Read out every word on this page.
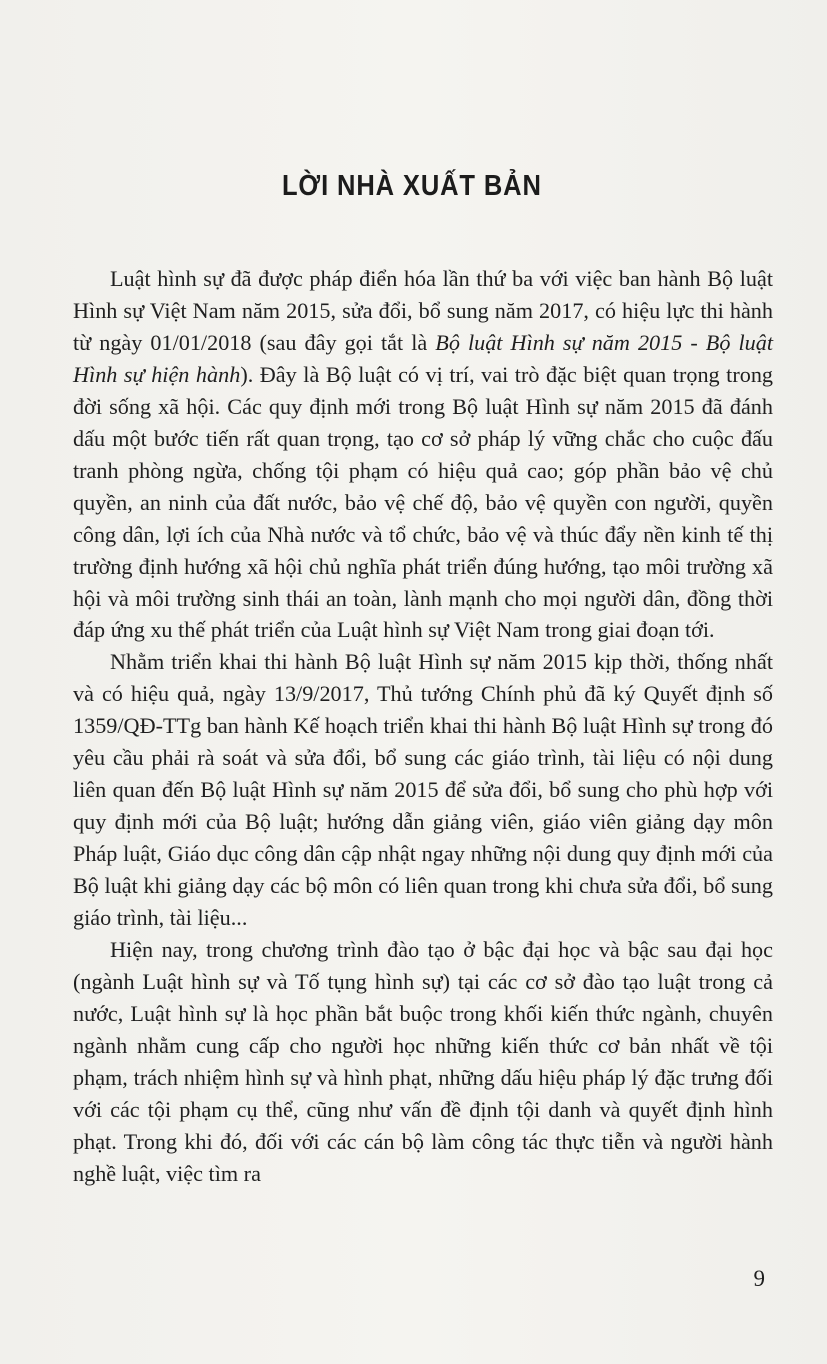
LỜI NHÀ XUẤT BẢN

Luật hình sự đã được pháp điển hóa lần thứ ba với việc ban hành Bộ luật Hình sự Việt Nam năm 2015, sửa đổi, bổ sung năm 2017, có hiệu lực thi hành từ ngày 01/01/2018 (sau đây gọi tắt là Bộ luật Hình sự năm 2015 - Bộ luật Hình sự hiện hành). Đây là Bộ luật có vị trí, vai trò đặc biệt quan trọng trong đời sống xã hội. Các quy định mới trong Bộ luật Hình sự năm 2015 đã đánh dấu một bước tiến rất quan trọng, tạo cơ sở pháp lý vững chắc cho cuộc đấu tranh phòng ngừa, chống tội phạm có hiệu quả cao; góp phần bảo vệ chủ quyền, an ninh của đất nước, bảo vệ chế độ, bảo vệ quyền con người, quyền công dân, lợi ích của Nhà nước và tổ chức, bảo vệ và thúc đẩy nền kinh tế thị trường định hướng xã hội chủ nghĩa phát triển đúng hướng, tạo môi trường xã hội và môi trường sinh thái an toàn, lành mạnh cho mọi người dân, đồng thời đáp ứng xu thế phát triển của Luật hình sự Việt Nam trong giai đoạn tới.

Nhằm triển khai thi hành Bộ luật Hình sự năm 2015 kịp thời, thống nhất và có hiệu quả, ngày 13/9/2017, Thủ tướng Chính phủ đã ký Quyết định số 1359/QĐ-TTg ban hành Kế hoạch triển khai thi hành Bộ luật Hình sự trong đó yêu cầu phải rà soát và sửa đổi, bổ sung các giáo trình, tài liệu có nội dung liên quan đến Bộ luật Hình sự năm 2015 để sửa đổi, bổ sung cho phù hợp với quy định mới của Bộ luật; hướng dẫn giảng viên, giáo viên giảng dạy môn Pháp luật, Giáo dục công dân cập nhật ngay những nội dung quy định mới của Bộ luật khi giảng dạy các bộ môn có liên quan trong khi chưa sửa đổi, bổ sung giáo trình, tài liệu...

Hiện nay, trong chương trình đào tạo ở bậc đại học và bậc sau đại học (ngành Luật hình sự và Tố tụng hình sự) tại các cơ sở đào tạo luật trong cả nước, Luật hình sự là học phần bắt buộc trong khối kiến thức ngành, chuyên ngành nhằm cung cấp cho người học những kiến thức cơ bản nhất về tội phạm, trách nhiệm hình sự và hình phạt, những dấu hiệu pháp lý đặc trưng đối với các tội phạm cụ thể, cũng như vấn đề định tội danh và quyết định hình phạt. Trong khi đó, đối với các cán bộ làm công tác thực tiễn và người hành nghề luật, việc tìm ra

9
